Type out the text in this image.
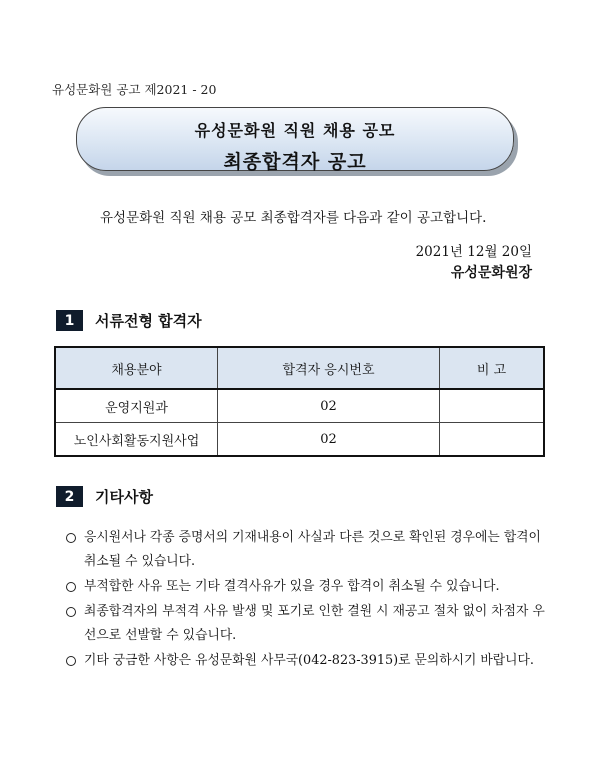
유성문화원 공고 제2021 - 20
유성문화원 직원 채용 공모
최종합격자 공고
유성문화원 직원 채용 공모 최종합격자를 다음과 같이 공고합니다.
2021년 12월 20일
유성문화원장
1	서류전형 합격자
채용분야	합격자 응시번호	비 고
운영지원과	02	
노인사회활동지원사업	02	
2	기타사항
응시원서나 각종 증명서의 기재내용이 사실과 다른 것으로 확인된 경우에는 합격이 취소될 수 있습니다.
부적합한 사유 또는 기타 결격사유가 있을 경우 합격이 취소될 수 있습니다.
최종합격자의 부적격 사유 발생 및 포기로 인한 결원 시 재공고 절차 없이 차점자 우선으로 선발할 수 있습니다.
기타 궁금한 사항은 유성문화원 사무국(042-823-3915)로 문의하시기 바랍니다.
